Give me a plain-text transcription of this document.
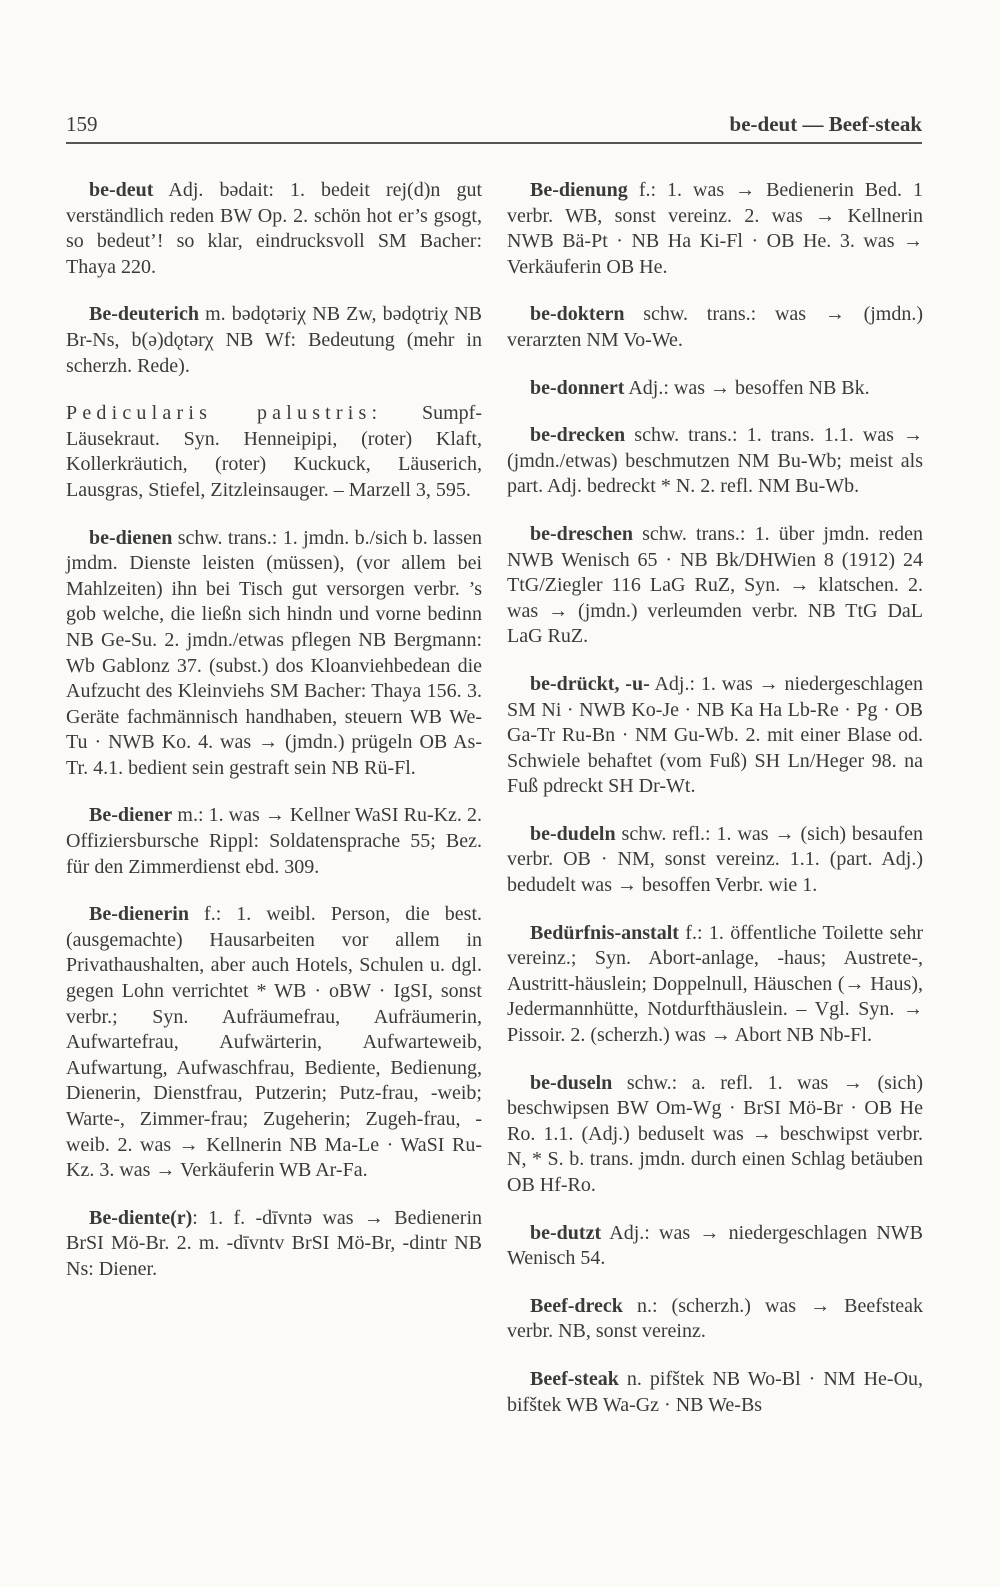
159	be-deut — Beef-steak

be-deut Adj. bədait: 1. bedeit rej(d)n gut verständlich reden BW Op. 2. schön hot er’s gsogt, so bedeut’! so klar, eindrucksvoll SM Bacher: Thaya 220.

Be-deuterich m. bədǫtəriχ NB Zw, bədǫtriχ NB Br-Ns, b(ə)dǫtərχ NB Wf: Bedeutung (mehr in scherzh. Rede).

Pedicularis palustris: Sumpf-Läusekraut. Syn. Henneipipi, (roter) Klaft, Kollerkräutich, (roter) Kuckuck, Läuserich, Lausgras, Stiefel, Zitzleinsauger. – Marzell 3, 595.

be-dienen schw. trans.: 1. jmdn. b./sich b. lassen jmdm. Dienste leisten (müssen), (vor allem bei Mahlzeiten) ihn bei Tisch gut versorgen verbr. ’s gob welche, die ließn sich hindn und vorne bedinn NB Ge-Su. 2. jmdn./etwas pflegen NB Bergmann: Wb Gablonz 37. (subst.) dos Kloanviehbedean die Aufzucht des Kleinviehs SM Bacher: Thaya 156. 3. Geräte fachmännisch handhaben, steuern WB We-Tu · NWB Ko. 4. was → (jmdn.) prügeln OB As-Tr. 4.1. bedient sein gestraft sein NB Rü-Fl.

Be-diener m.: 1. was → Kellner WaSI Ru-Kz. 2. Offiziersbursche Rippl: Soldatensprache 55; Bez. für den Zimmerdienst ebd. 309.

Be-dienerin f.: 1. weibl. Person, die best. (ausgemachte) Hausarbeiten vor allem in Privathaushalten, aber auch Hotels, Schulen u. dgl. gegen Lohn verrichtet * WB · oBW · IgSI, sonst verbr.; Syn. Aufräumefrau, Aufräumerin, Aufwartefrau, Aufwärterin, Aufwarteweib, Aufwartung, Aufwaschfrau, Bediente, Bedienung, Dienerin, Dienstfrau, Putzerin; Putz-frau, -weib; Warte-, Zimmer-frau; Zugeherin; Zugeh-frau, -weib. 2. was → Kellnerin NB Ma-Le · WaSI Ru-Kz. 3. was → Verkäuferin WB Ar-Fa.

Be-diente(r): 1. f. -dīvntə was → Bedienerin BrSI Mö-Br. 2. m. -dīvntv BrSI Mö-Br, -dintr NB Ns: Diener.

Be-dienung f.: 1. was → Bedienerin Bed. 1 verbr. WB, sonst vereinz. 2. was → Kellnerin NWB Bä-Pt · NB Ha Ki-Fl · OB He. 3. was → Verkäuferin OB He.

be-doktern schw. trans.: was → (jmdn.) verarzten NM Vo-We.

be-donnert Adj.: was → besoffen NB Bk.

be-drecken schw. trans.: 1. trans. 1.1. was → (jmdn./etwas) beschmutzen NM Bu-Wb; meist als part. Adj. bedreckt * N. 2. refl. NM Bu-Wb.

be-dreschen schw. trans.: 1. über jmdn. reden NWB Wenisch 65 · NB Bk/DHWien 8 (1912) 24 TtG/Ziegler 116 LaG RuZ, Syn. → klatschen. 2. was → (jmdn.) verleumden verbr. NB TtG DaL LaG RuZ.

be-drückt, -u- Adj.: 1. was → niedergeschlagen SM Ni · NWB Ko-Je · NB Ka Ha Lb-Re · Pg · OB Ga-Tr Ru-Bn · NM Gu-Wb. 2. mit einer Blase od. Schwiele behaftet (vom Fuß) SH Ln/Heger 98. na Fuß pdreckt SH Dr-Wt.

be-dudeln schw. refl.: 1. was → (sich) besaufen verbr. OB · NM, sonst vereinz. 1.1. (part. Adj.) bedudelt was → besoffen Verbr. wie 1.

Bedürfnis-anstalt f.: 1. öffentliche Toilette sehr vereinz.; Syn. Abort-anlage, -haus; Austrete-, Austritt-häuslein; Doppelnull, Häuschen (→ Haus), Jedermannhütte, Notdurfthäuslein. – Vgl. Syn. → Pissoir. 2. (scherzh.) was → Abort NB Nb-Fl.

be-duseln schw.: a. refl. 1. was → (sich) beschwipsen BW Om-Wg · BrSI Mö-Br · OB He Ro. 1.1. (Adj.) beduselt was → beschwipst verbr. N, * S. b. trans. jmdn. durch einen Schlag betäuben OB Hf-Ro.

be-dutzt Adj.: was → niedergeschlagen NWB Wenisch 54.

Beef-dreck n.: (scherzh.) was → Beefsteak verbr. NB, sonst vereinz.

Beef-steak n. pifštek NB Wo-Bl · NM He-Ou, bifštek WB Wa-Gz · NB We-Bs
